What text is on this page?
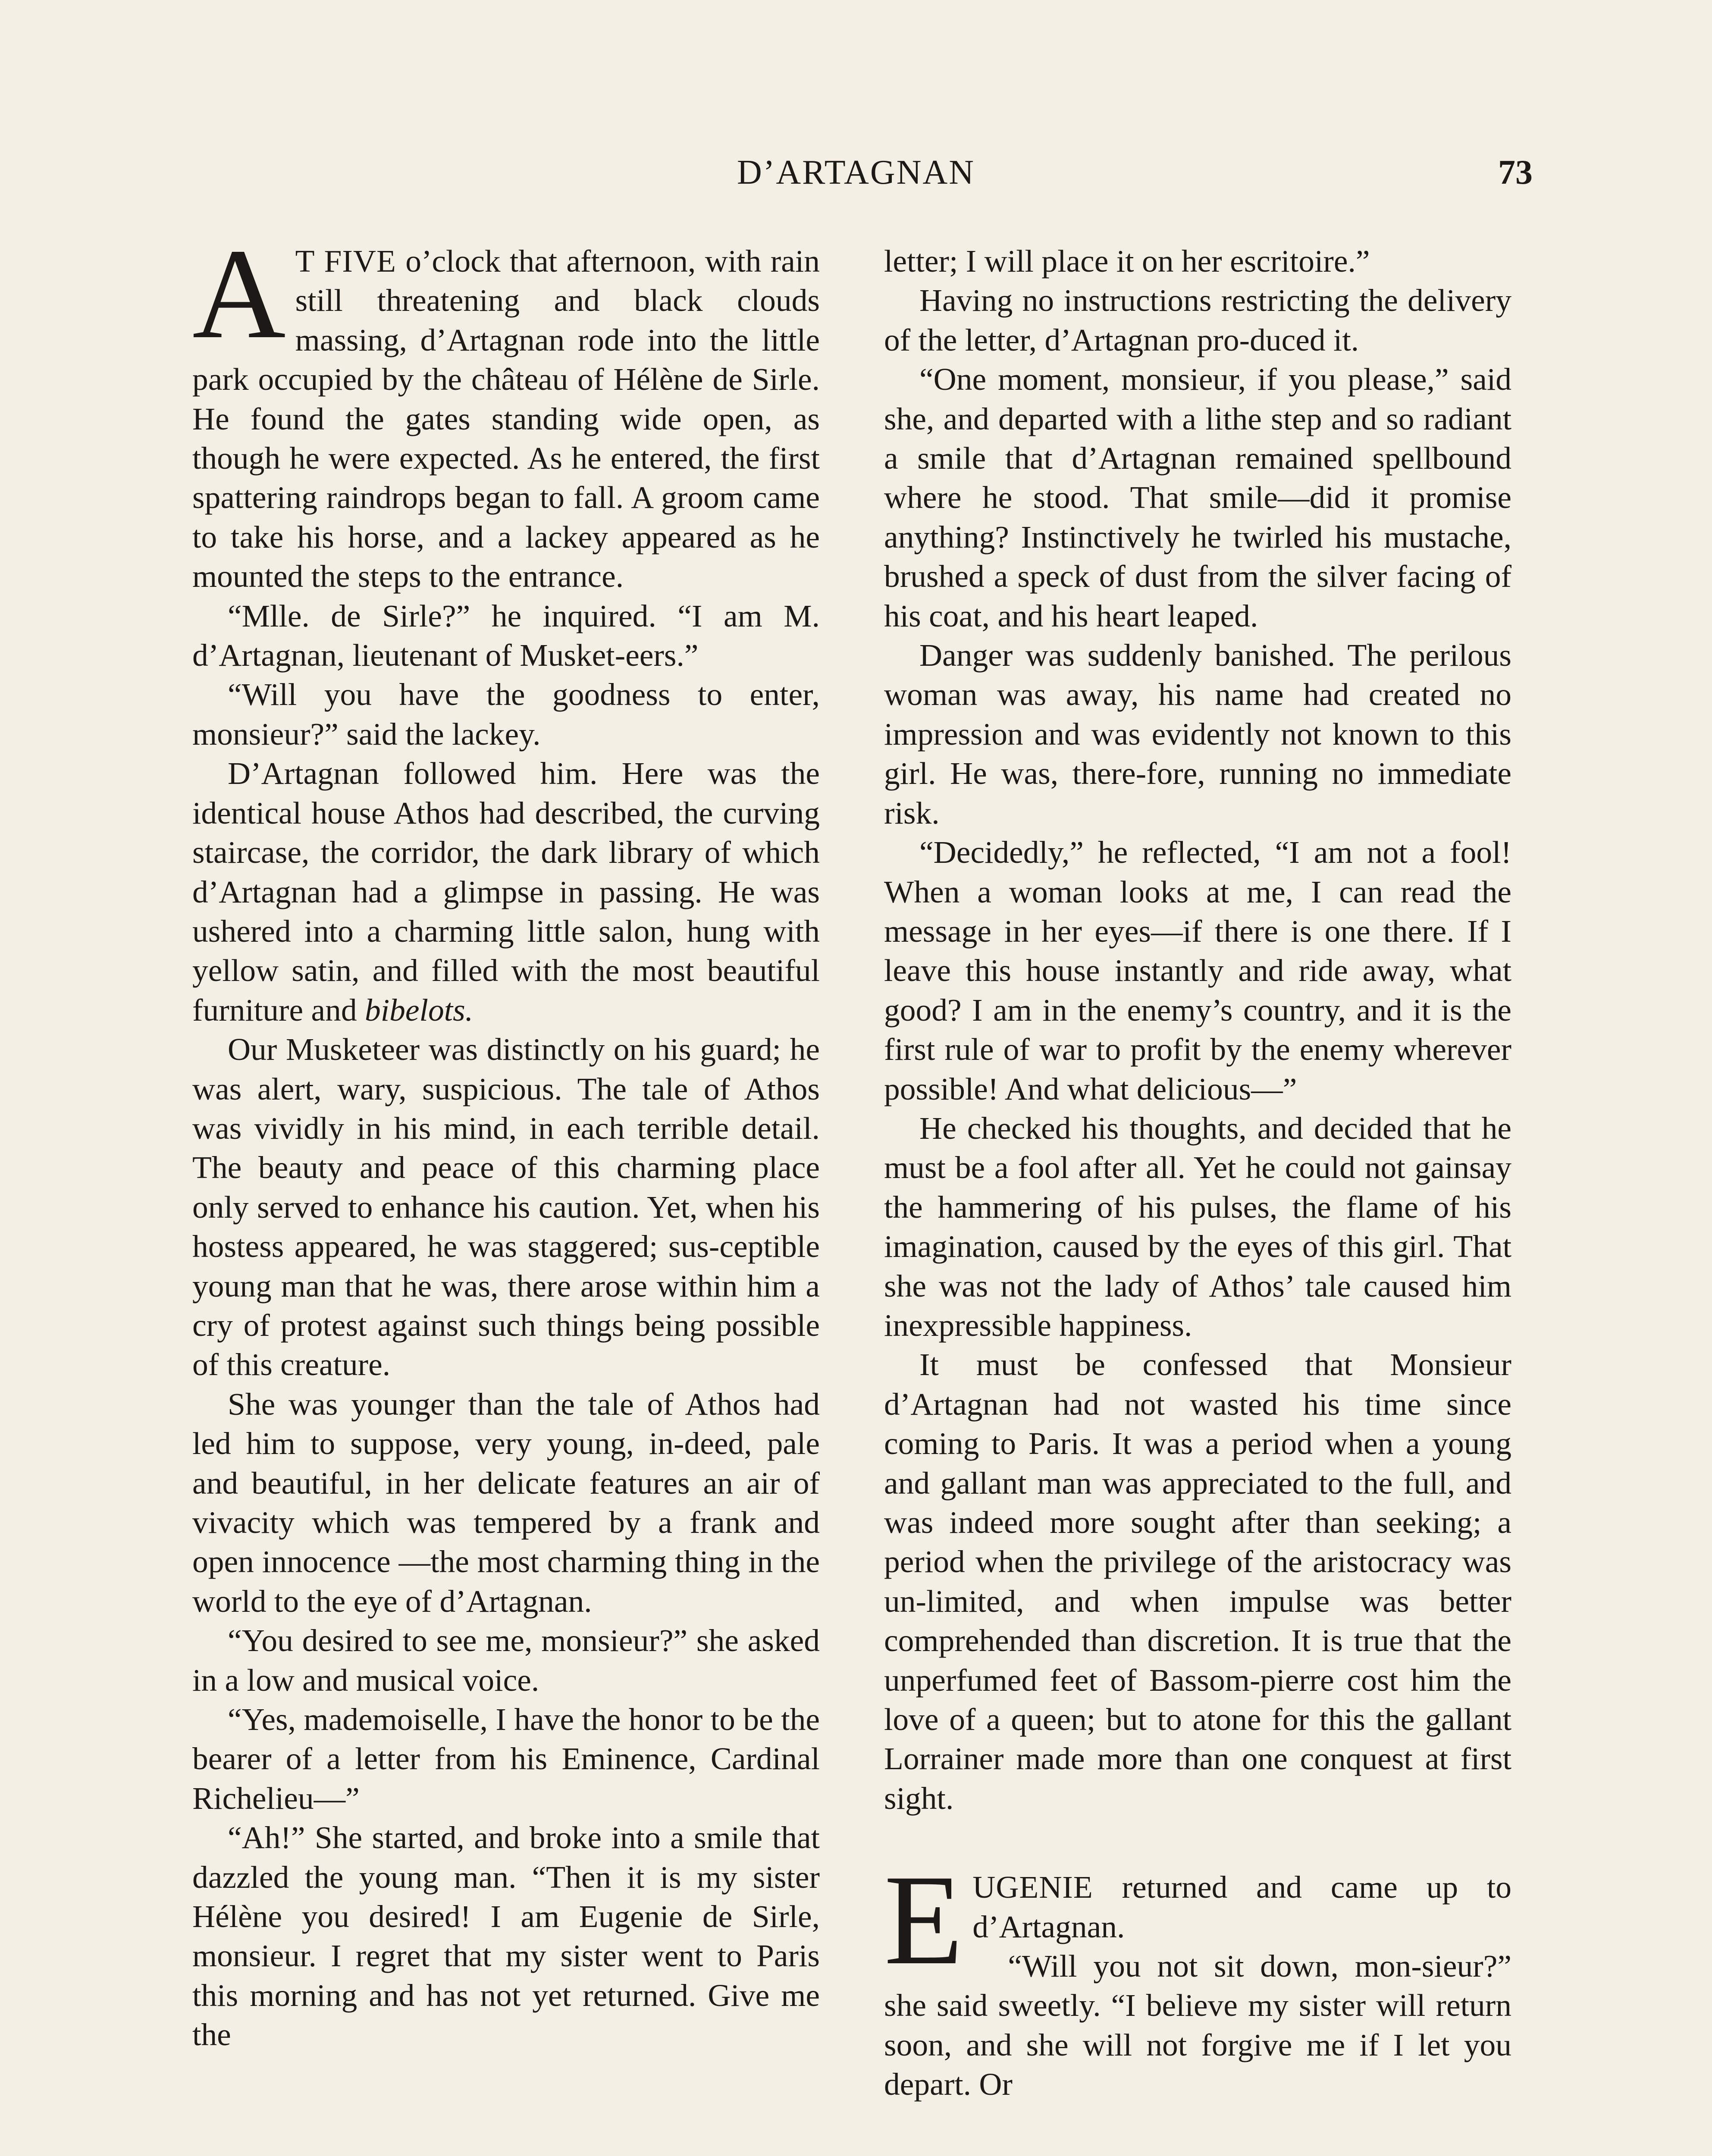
D’ARTAGNAN	73

A T FIVE o’clock that afternoon, with rain still threatening and black clouds massing, d’Artagnan rode into the little park occupied by the château of Hélène de Sirle. He found the gates standing wide open, as though he were expected. As he entered, the first spattering raindrops began to fall. A groom came to take his horse, and a lackey appeared as he mounted the steps to the entrance.

“Mlle. de Sirle?” he inquired. “I am M. d’Artagnan, lieutenant of Musket-eers.”

“Will you have the goodness to enter, monsieur?” said the lackey.

D’Artagnan followed him. Here was the identical house Athos had described, the curving staircase, the corridor, the dark library of which d’Artagnan had a glimpse in passing. He was ushered into a charming little salon, hung with yellow satin, and filled with the most beautiful furniture and bibelots.

Our Musketeer was distinctly on his guard; he was alert, wary, suspicious. The tale of Athos was vividly in his mind, in each terrible detail. The beauty and peace of this charming place only served to enhance his caution. Yet, when his hostess appeared, he was staggered; sus-ceptible young man that he was, there arose within him a cry of protest against such things being possible of this creature.

She was younger than the tale of Athos had led him to suppose, very young, in-deed, pale and beautiful, in her delicate features an air of vivacity which was tempered by a frank and open innocence —the most charming thing in the world to the eye of d’Artagnan.

“You desired to see me, monsieur?” she asked in a low and musical voice.

“Yes, mademoiselle, I have the honor to be the bearer of a letter from his Eminence, Cardinal Richelieu—”

“Ah!” She started, and broke into a smile that dazzled the young man. “Then it is my sister Hélène you desired! I am Eugenie de Sirle, monsieur. I regret that my sister went to Paris this morning and has not yet returned. Give me the

letter; I will place it on her escritoire.”

Having no instructions restricting the delivery of the letter, d’Artagnan pro-duced it.

“One moment, monsieur, if you please,” said she, and departed with a lithe step and so radiant a smile that d’Artagnan remained spellbound where he stood. That smile—did it promise anything? Instinctively he twirled his mustache, brushed a speck of dust from the silver facing of his coat, and his heart leaped.

Danger was suddenly banished. The perilous woman was away, his name had created no impression and was evidently not known to this girl. He was, there-fore, running no immediate risk.

“Decidedly,” he reflected, “I am not a fool! When a woman looks at me, I can read the message in her eyes—if there is one there. If I leave this house instantly and ride away, what good? I am in the enemy’s country, and it is the first rule of war to profit by the enemy wherever possible! And what delicious—”

He checked his thoughts, and decided that he must be a fool after all. Yet he could not gainsay the hammering of his pulses, the flame of his imagination, caused by the eyes of this girl. That she was not the lady of Athos’ tale caused him inexpressible happiness.

It must be confessed that Monsieur d’Artagnan had not wasted his time since coming to Paris. It was a period when a young and gallant man was appreciated to the full, and was indeed more sought after than seeking; a period when the privilege of the aristocracy was un-limited, and when impulse was better comprehended than discretion. It is true that the unperfumed feet of Bassom-pierre cost him the love of a queen; but to atone for this the gallant Lorrainer made more than one conquest at first sight.

EUGENIE returned and came up to d’Artagnan.

“Will you not sit down, mon-sieur?” she said sweetly. “I believe my sister will return soon, and she will not forgive me if I let you depart. Or
